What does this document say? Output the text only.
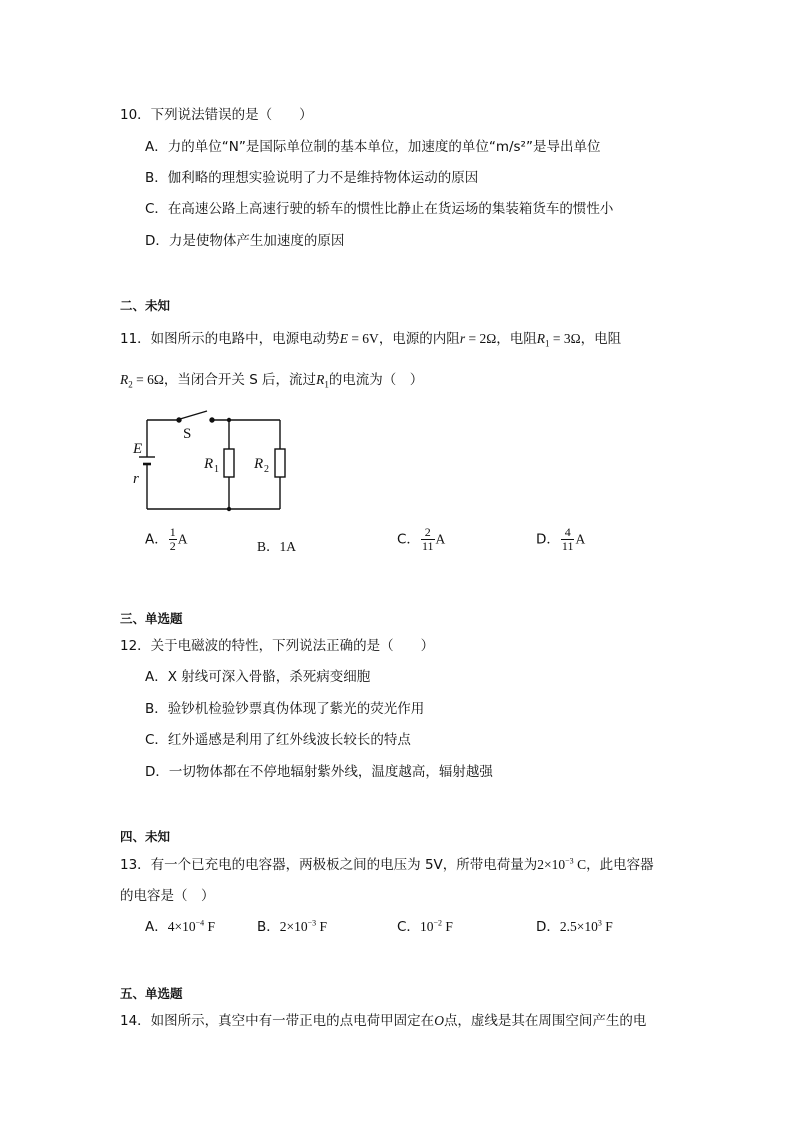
10．下列说法错误的是（　　）
A．力的单位“N”是国际单位制的基本单位，加速度的单位“m/s²”是导出单位
B．伽利略的理想实验说明了力不是维持物体运动的原因
C．在高速公路上高速行驶的轿车的惯性比静止在货运场的集装箱货车的惯性小
D．力是使物体产生加速度的原因
二、未知
11．如图所示的电路中，电源电动势E = 6V，电源的内阻r = 2Ω，电阻$R_1 = 3\Omega$，电阻
$R_2 = 6\Omega$，当闭合开关 S 后，流过$R_1$的电流为（　）
E
r
S
R 1 R 2
A． $\frac{1}{2}$ A	B．1A	C． $\frac{2}{11}$ A	D． $\frac{4}{11}$ A
三、单选题
12．关于电磁波的特性，下列说法正确的是（　　）
A．X 射线可深入骨骼，杀死病变细胞
B．验钞机检验钞票真伪体现了紫光的荧光作用
C．红外遥感是利用了红外线波长较长的特点
D．一切物体都在不停地辐射紫外线，温度越高，辐射越强
四、未知
13．有一个已充电的电容器，两极板之间的电压为 5V，所带电荷量为$2\times 10^{-3}$ C，此电容器
的电容是（　）
A．$4\times 10^{-4}$ F	B．$2\times 10^{-3}$ F	C．$10^{-2}$ F	D．$2.5\times 10^3$ F
五、单选题
14．如图所示，真空中有一带正电的点电荷甲固定在O点，虚线是其在周围空间产生的电
